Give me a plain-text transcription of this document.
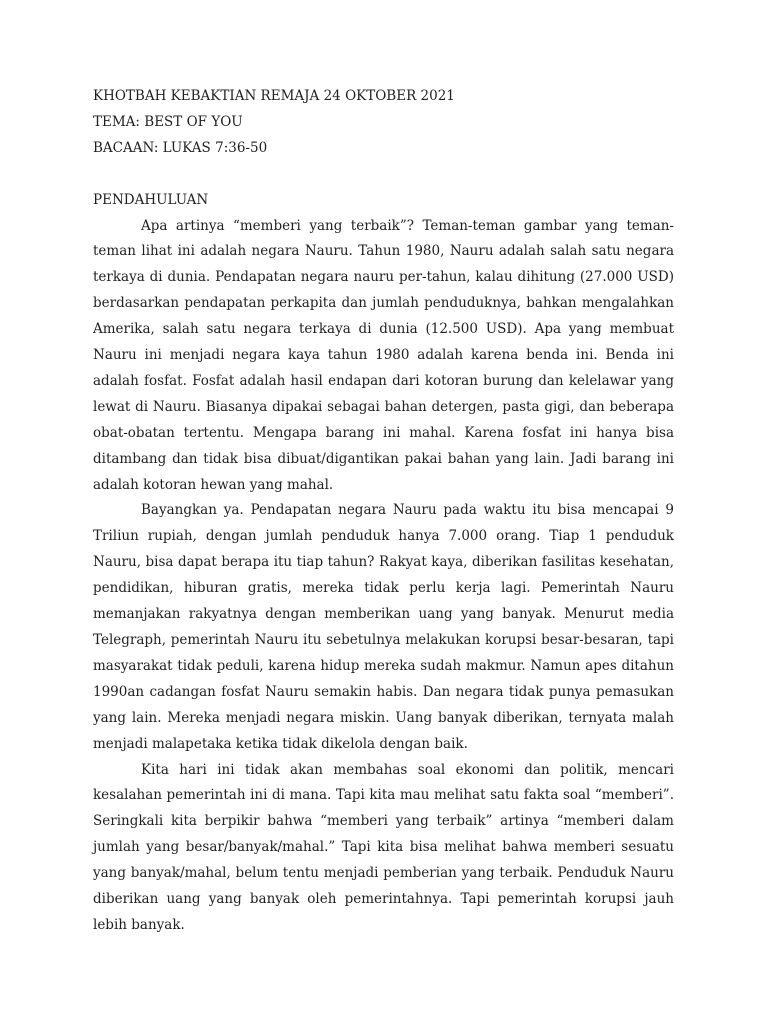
KHOTBAH KEBAKTIAN REMAJA 24 OKTOBER 2021
TEMA: BEST OF YOU
BACAAN: LUKAS 7:36-50
PENDAHULUAN

Apa artinya “memberi yang terbaik”? Teman-teman gambar yang teman-teman lihat ini adalah negara Nauru. Tahun 1980, Nauru adalah salah satu negara terkaya di dunia. Pendapatan negara nauru per-tahun, kalau dihitung (27.000 USD) berdasarkan pendapatan perkapita dan jumlah penduduknya, bahkan mengalahkan Amerika, salah satu negara terkaya di dunia (12.500 USD). Apa yang membuat Nauru ini menjadi negara kaya tahun 1980 adalah karena benda ini. Benda ini adalah fosfat. Fosfat adalah hasil endapan dari kotoran burung dan kelelawar yang lewat di Nauru. Biasanya dipakai sebagai bahan detergen, pasta gigi, dan beberapa obat-obatan tertentu. Mengapa barang ini mahal. Karena fosfat ini hanya bisa ditambang dan tidak bisa dibuat/digantikan pakai bahan yang lain. Jadi barang ini adalah kotoran hewan yang mahal.

Bayangkan ya. Pendapatan negara Nauru pada waktu itu bisa mencapai 9 Triliun rupiah, dengan jumlah penduduk hanya 7.000 orang. Tiap 1 penduduk Nauru, bisa dapat berapa itu tiap tahun? Rakyat kaya, diberikan fasilitas kesehatan, pendidikan, hiburan gratis, mereka tidak perlu kerja lagi. Pemerintah Nauru memanjakan rakyatnya dengan memberikan uang yang banyak. Menurut media Telegraph, pemerintah Nauru itu sebetulnya melakukan korupsi besar-besaran, tapi masyarakat tidak peduli, karena hidup mereka sudah makmur. Namun apes ditahun 1990an cadangan fosfat Nauru semakin habis. Dan negara tidak punya pemasukan yang lain. Mereka menjadi negara miskin. Uang banyak diberikan, ternyata malah menjadi malapetaka ketika tidak dikelola dengan baik.

Kita hari ini tidak akan membahas soal ekonomi dan politik, mencari kesalahan pemerintah ini di mana. Tapi kita mau melihat satu fakta soal “memberi”. Seringkali kita berpikir bahwa “memberi yang terbaik” artinya “memberi dalam jumlah yang besar/banyak/mahal.” Tapi kita bisa melihat bahwa memberi sesuatu yang banyak/mahal, belum tentu menjadi pemberian yang terbaik. Penduduk Nauru diberikan uang yang banyak oleh pemerintahnya. Tapi pemerintah korupsi jauh lebih banyak.
